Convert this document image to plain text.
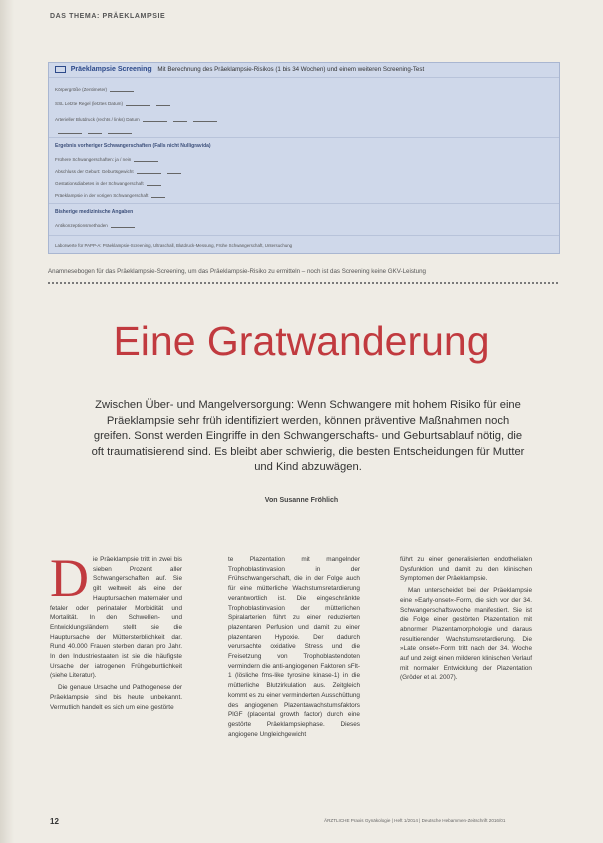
DAS THEMA: PRÄEKLAMPSIE
Präeklampsie Screening Mit Berechnung des Präeklampsie-Risikos (1 bis 34 Wochen) und einem weiteren Screening-Test
Körpergröße (Zentimeter)
SSL Letzte Regel (letztes Datum)
Arterieller Blutdruck (rechts / links) Datum
Ergebnis vorheriger Schwangerschaften (Falls nicht Nulligravida)
Frühere Schwangerschaften: ja / nein
Abschluss der Geburt: Geburtsgewicht
Gestationsdiabetes in der Schwangerschaft
Präeklampsie in der vorigen Schwangerschaft
Bisherige medizinische Angaben
Antikonzeptionsmethoden
Laborwerte für PAPP-A: Präeklampsie-Screening, Ultraschall, Blutdruck-Messung, Frühe Schwangerschaft, Untersuchung
Anamnesebogen für das Präeklampsie-Screening, um das Präeklampsie-Risiko zu ermitteln – noch ist das Screening keine GKV-Leistung
Eine Gratwanderung
Zwischen Über- und Mangelversorgung: Wenn Schwangere mit hohem Risiko für eine Präeklampsie sehr früh identifiziert werden, können präventive Maßnahmen noch greifen. Sonst werden Eingriffe in den Schwangerschafts- und Geburtsablauf nötig, die oft traumatisierend sind. Es bleibt aber schwierig, die besten Entscheidungen für Mutter und Kind abzuwägen.
Von Susanne Fröhlich
D ie Präeklampsie tritt in zwei bis sieben Prozent aller Schwangerschaften auf. Sie gilt weltweit als eine der Hauptursachen maternaler und fetaler oder perinataler Morbidität und Mortalität. In den Schwellen- und Entwicklungsländern stellt sie die Hauptursache der Müttersterblichkeit dar. Rund 40.000 Frauen sterben daran pro Jahr. In den Industriestaaten ist sie die häufigste Ursache der iatrogenen Frühgeburtlichkeit (siehe Literatur).

Die genaue Ursache und Pathogenese der Präeklampsie sind bis heute unbekannt. Vermutlich handelt es sich um eine gestörte

te Plazentation mit mangelnder Trophoblastinvasion in der Frühschwangerschaft, die in der Folge auch für eine mütterliche Wachstumsretardierung verantwortlich ist. Die eingeschränkte Trophoblastinvasion der mütterlichen Spiralarterien führt zu einer reduzierten plazentaren Perfusion und damit zu einer plazentaren Hypoxie. Der dadurch verursachte oxidative Stress und die Freisetzung von Trophoblastendoten vermindern die anti-angiogenen Faktoren sFlt-1 (lösliche fms-like tyrosine kinase-1) in die mütterliche Blutzirkulation aus. Zeitgleich kommt es zu einer verminderten Ausschüttung des angiogenen Plazentawachstumsfaktors PlGF (placental growth factor) durch eine gestörte Präeklampsiephase. Dieses angiogene Ungleichgewicht

führt zu einer generalisierten endothelialen Dysfunktion und damit zu den klinischen Symptomen der Präeklampsie.

Man unterscheidet bei der Präeklampsie eine »Early-onset«-Form, die sich vor der 34. Schwangerschaftswoche manifestiert. Sie ist die Folge einer gestörten Plazentation mit abnormer Plazentamorphologie und daraus resultierender Wachstumsretardierung. Die »Late onset«-Form tritt nach der 34. Woche auf und zeigt einen milderen klinischen Verlauf mit normaler Entwicklung der Plazentation (Gröder et al. 2007).

12	ÄRZTLICHE Praxis Gynäkologie | Heft 1/2014 | Deutsche Hebammen-Zeitschrift 2016/01
